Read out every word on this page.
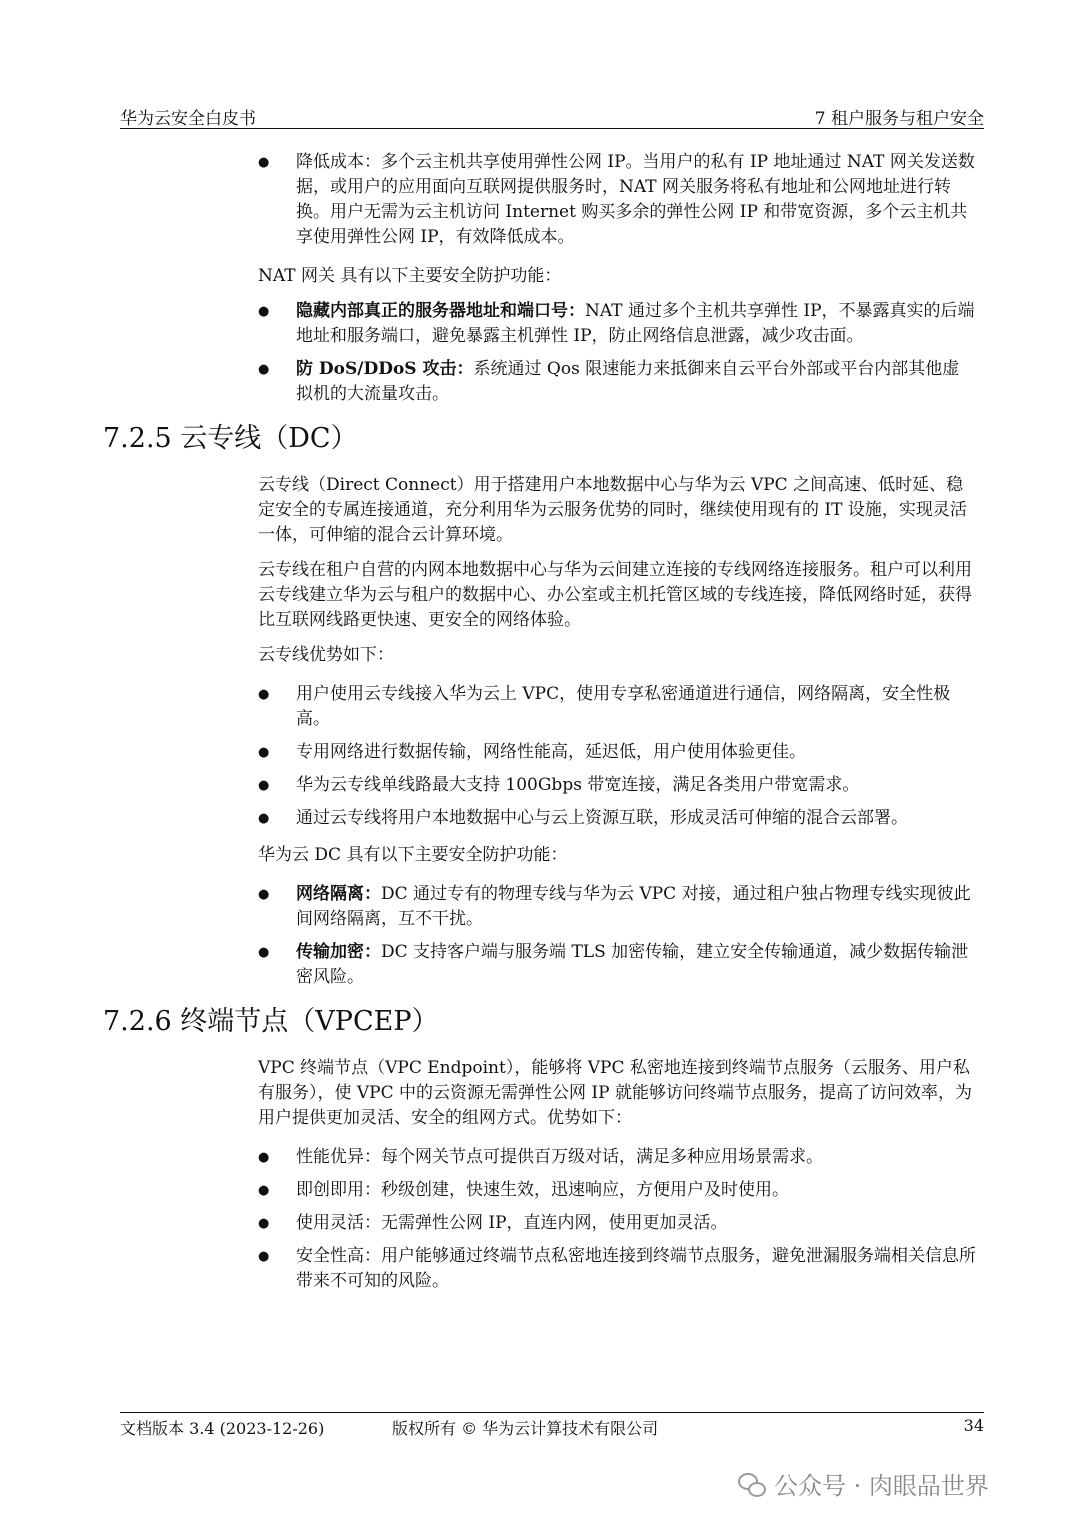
华为云安全白皮书	7 租户服务与租户安全
● 降低成本：多个云主机共享使用弹性公网 IP。当用户的私有 IP 地址通过 NAT 网关发送数据，或用户的应用面向互联网提供服务时，NAT 网关服务将私有地址和公网地址进行转换。用户无需为云主机访问 Internet 购买多余的弹性公网 IP 和带宽资源，多个云主机共享使用弹性公网 IP，有效降低成本。
NAT 网关 具有以下主要安全防护功能：
● 隐藏内部真正的服务器地址和端口号：NAT 通过多个主机共享弹性 IP，不暴露真实的后端地址和服务端口，避免暴露主机弹性 IP，防止网络信息泄露，减少攻击面。
● 防 DoS/DDoS 攻击：系统通过 Qos 限速能力来抵御来自云平台外部或平台内部其他虚拟机的大流量攻击。
7.2.5 云专线（DC）
云专线（Direct Connect）用于搭建用户本地数据中心与华为云 VPC 之间高速、低时延、稳定安全的专属连接通道，充分利用华为云服务优势的同时，继续使用现有的 IT 设施，实现灵活一体，可伸缩的混合云计算环境。
云专线在租户自营的内网本地数据中心与华为云间建立连接的专线网络连接服务。租户可以利用云专线建立华为云与租户的数据中心、办公室或主机托管区域的专线连接，降低网络时延，获得比互联网线路更快速、更安全的网络体验。
云专线优势如下：
● 用户使用云专线接入华为云上 VPC，使用专享私密通道进行通信，网络隔离，安全性极高。
● 专用网络进行数据传输，网络性能高，延迟低，用户使用体验更佳。
● 华为云专线单线路最大支持 100Gbps 带宽连接，满足各类用户带宽需求。
● 通过云专线将用户本地数据中心与云上资源互联，形成灵活可伸缩的混合云部署。
华为云 DC 具有以下主要安全防护功能：
● 网络隔离：DC 通过专有的物理专线与华为云 VPC 对接，通过租户独占物理专线实现彼此间网络隔离，互不干扰。
● 传输加密：DC 支持客户端与服务端 TLS 加密传输，建立安全传输通道，减少数据传输泄密风险。
7.2.6 终端节点（VPCEP）
VPC 终端节点（VPC Endpoint），能够将 VPC 私密地连接到终端节点服务（云服务、用户私有服务），使 VPC 中的云资源无需弹性公网 IP 就能够访问终端节点服务，提高了访问效率，为用户提供更加灵活、安全的组网方式。优势如下：
● 性能优异：每个网关节点可提供百万级对话，满足多种应用场景需求。
● 即创即用：秒级创建，快速生效，迅速响应，方便用户及时使用。
● 使用灵活：无需弹性公网 IP，直连内网，使用更加灵活。
● 安全性高：用户能够通过终端节点私密地连接到终端节点服务，避免泄漏服务端相关信息所带来不可知的风险。
文档版本 3.4 (2023-12-26)	版权所有 © 华为云计算技术有限公司	34
公众号 · 肉眼品世界
